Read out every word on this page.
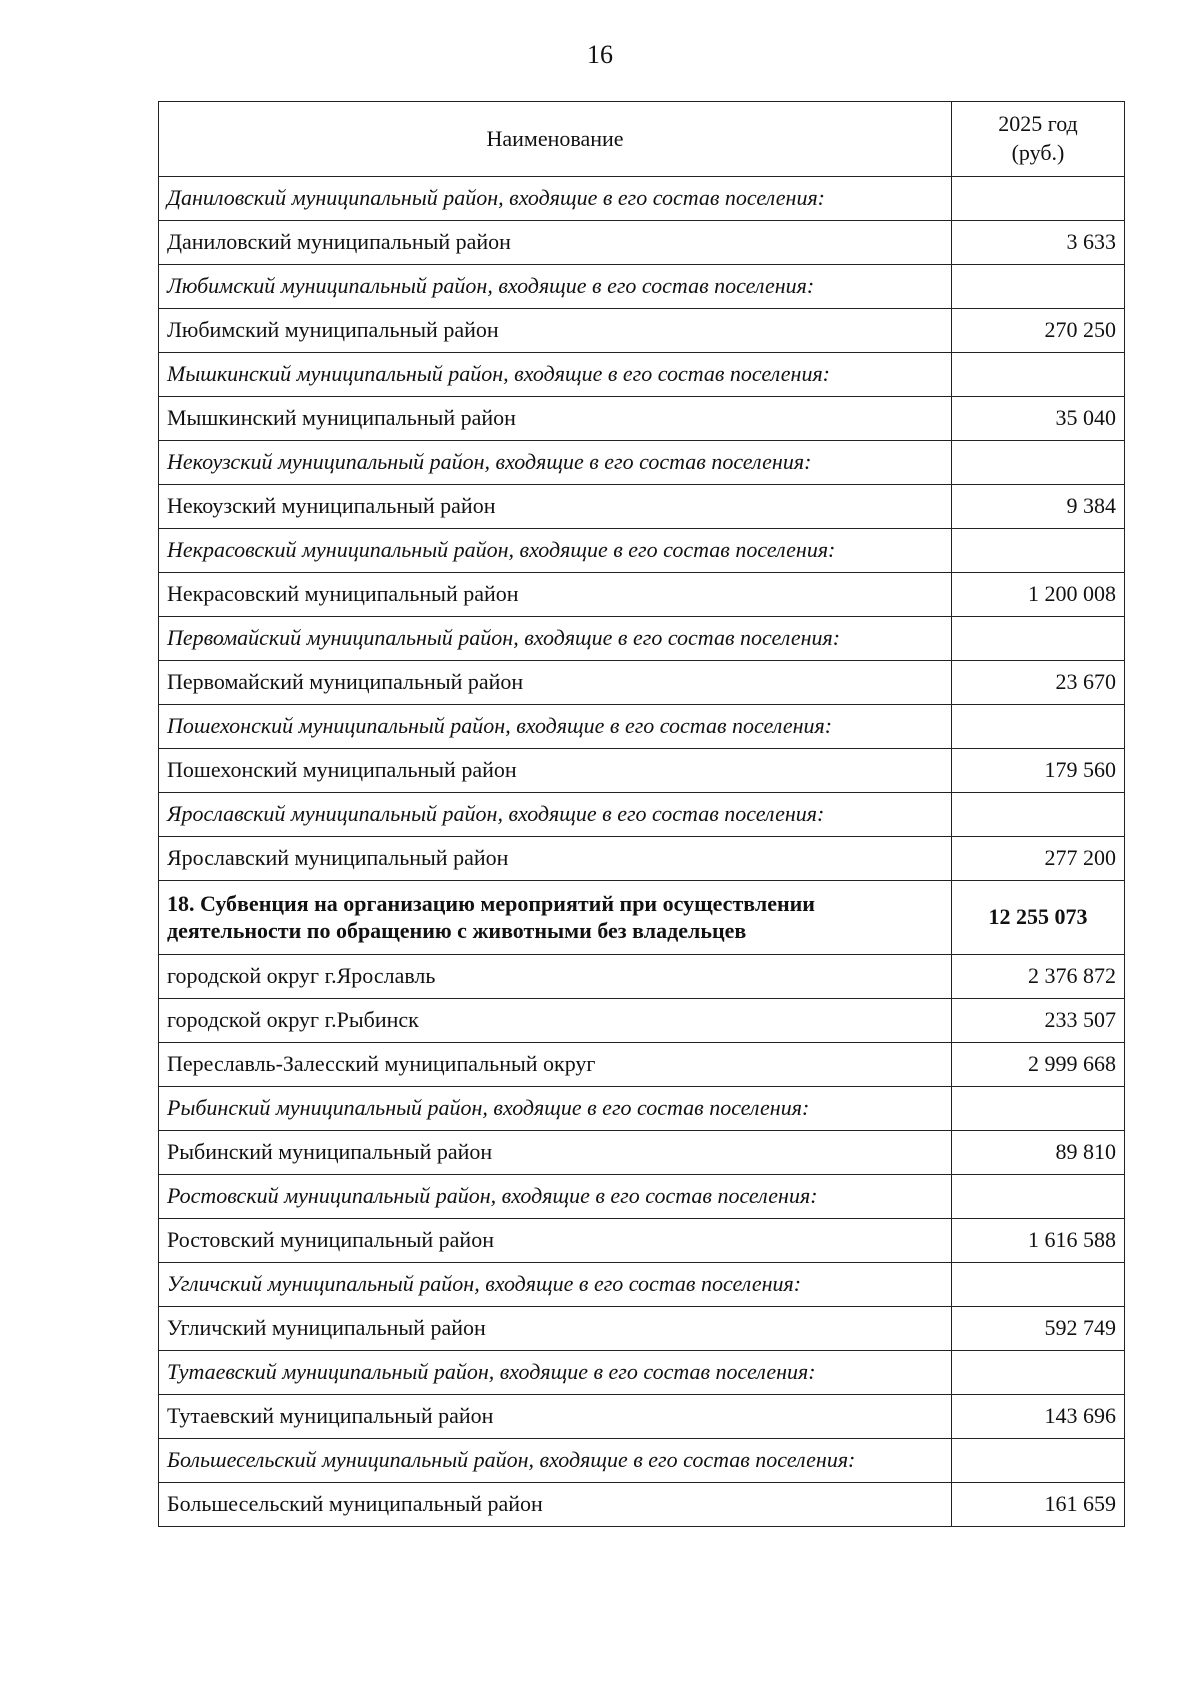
16
Наименование	2025 год
(руб.)

Даниловский муниципальный район, входящие в его состав поселения:	
Даниловский муниципальный район	3 633
Любимский муниципальный район, входящие в его состав поселения:	
Любимский муниципальный район	270 250
Мышкинский муниципальный район, входящие в его состав поселения:	
Мышкинский муниципальный район	35 040
Некоузский муниципальный район, входящие в его состав поселения:	
Некоузский муниципальный район	9 384
Некрасовский муниципальный район, входящие в его состав поселения:	
Некрасовский муниципальный район	1 200 008
Первомайский муниципальный район, входящие в его состав поселения:	
Первомайский муниципальный район	23 670
Пошехонский муниципальный район, входящие в его состав поселения:	
Пошехонский муниципальный район	179 560
Ярославский муниципальный район, входящие в его состав поселения:	
Ярославский муниципальный район	277 200

18. Субвенция на организацию мероприятий при осуществлении
деятельности по обращению с животными без владельцев	12 255 073
городской округ г.Ярославль	2 376 872
городской округ г.Рыбинск	233 507
Переславль-Залесский муниципальный округ	2 999 668
Рыбинский муниципальный район, входящие в его состав поселения:	
Рыбинский муниципальный район	89 810
Ростовский муниципальный район, входящие в его состав поселения:	
Ростовский муниципальный район	1 616 588
Угличский муниципальный район, входящие в его состав поселения:	
Угличский муниципальный район	592 749
Тутаевский муниципальный район, входящие в его состав поселения:	
Тутаевский муниципальный район	143 696
Большесельский муниципальный район, входящие в его состав поселения:	
Большесельский муниципальный район	161 659
